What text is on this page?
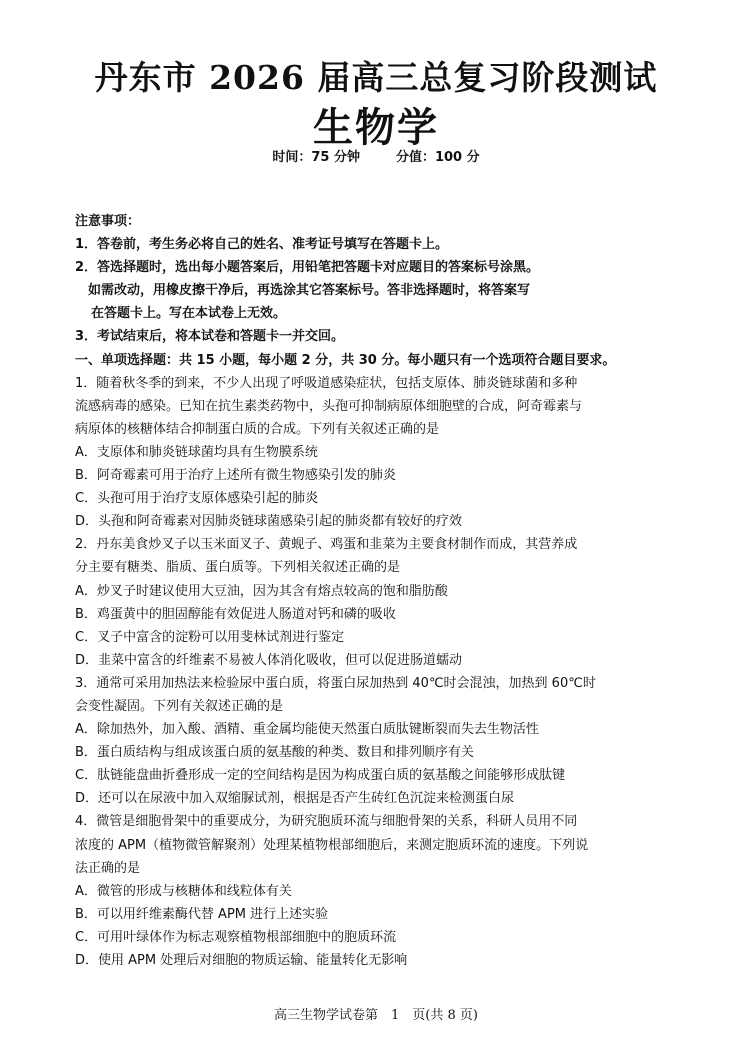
丹东市 2026 届高三总复习阶段测试
生物学
时间：75 分钟	分值：100 分
注意事项：
1．答卷前，考生务必将自己的姓名、准考证号填写在答题卡上。
2．答选择题时，选出每小题答案后，用铅笔把答题卡对应题目的答案标号涂黑。
如需改动，用橡皮擦干净后，再选涂其它答案标号。答非选择题时，将答案写
在答题卡上。写在本试卷上无效。
3．考试结束后，将本试卷和答题卡一并交回。
一、单项选择题：共 15 小题，每小题 2 分，共 30 分。每小题只有一个选项符合题目要求。
1．随着秋冬季的到来，不少人出现了呼吸道感染症状，包括支原体、肺炎链球菌和多种
流感病毒的感染。已知在抗生素类药物中，头孢可抑制病原体细胞壁的合成，阿奇霉素与
病原体的核糖体结合抑制蛋白质的合成。下列有关叙述正确的是
A．支原体和肺炎链球菌均具有生物膜系统
B．阿奇霉素可用于治疗上述所有微生物感染引发的肺炎
C．头孢可用于治疗支原体感染引起的肺炎
D．头孢和阿奇霉素对因肺炎链球菌感染引起的肺炎都有较好的疗效
2．丹东美食炒叉子以玉米面叉子、黄蚬子、鸡蛋和韭菜为主要食材制作而成，其营养成
分主要有糖类、脂质、蛋白质等。下列相关叙述正确的是
A．炒叉子时建议使用大豆油，因为其含有熔点较高的饱和脂肪酸
B．鸡蛋黄中的胆固醇能有效促进人肠道对钙和磷的吸收
C．叉子中富含的淀粉可以用斐林试剂进行鉴定
D．韭菜中富含的纤维素不易被人体消化吸收，但可以促进肠道蠕动
3．通常可采用加热法来检验尿中蛋白质，将蛋白尿加热到 40℃时会混浊，加热到 60℃时
会变性凝固。下列有关叙述正确的是
A．除加热外，加入酸、酒精、重金属均能使天然蛋白质肽键断裂而失去生物活性
B．蛋白质结构与组成该蛋白质的氨基酸的种类、数目和排列顺序有关
C．肽链能盘曲折叠形成一定的空间结构是因为构成蛋白质的氨基酸之间能够形成肽键
D．还可以在尿液中加入双缩脲试剂，根据是否产生砖红色沉淀来检测蛋白尿
4．微管是细胞骨架中的重要成分，为研究胞质环流与细胞骨架的关系，科研人员用不同
浓度的 APM（植物微管解聚剂）处理某植物根部细胞后，来测定胞质环流的速度。下列说
法正确的是
A．微管的形成与核糖体和线粒体有关
B．可以用纤维素酶代替 APM 进行上述实验
C．可用叶绿体作为标志观察植物根部细胞中的胞质环流
D．使用 APM 处理后对细胞的物质运输、能量转化无影响
高三生物学试卷第　1　页(共 8 页)
